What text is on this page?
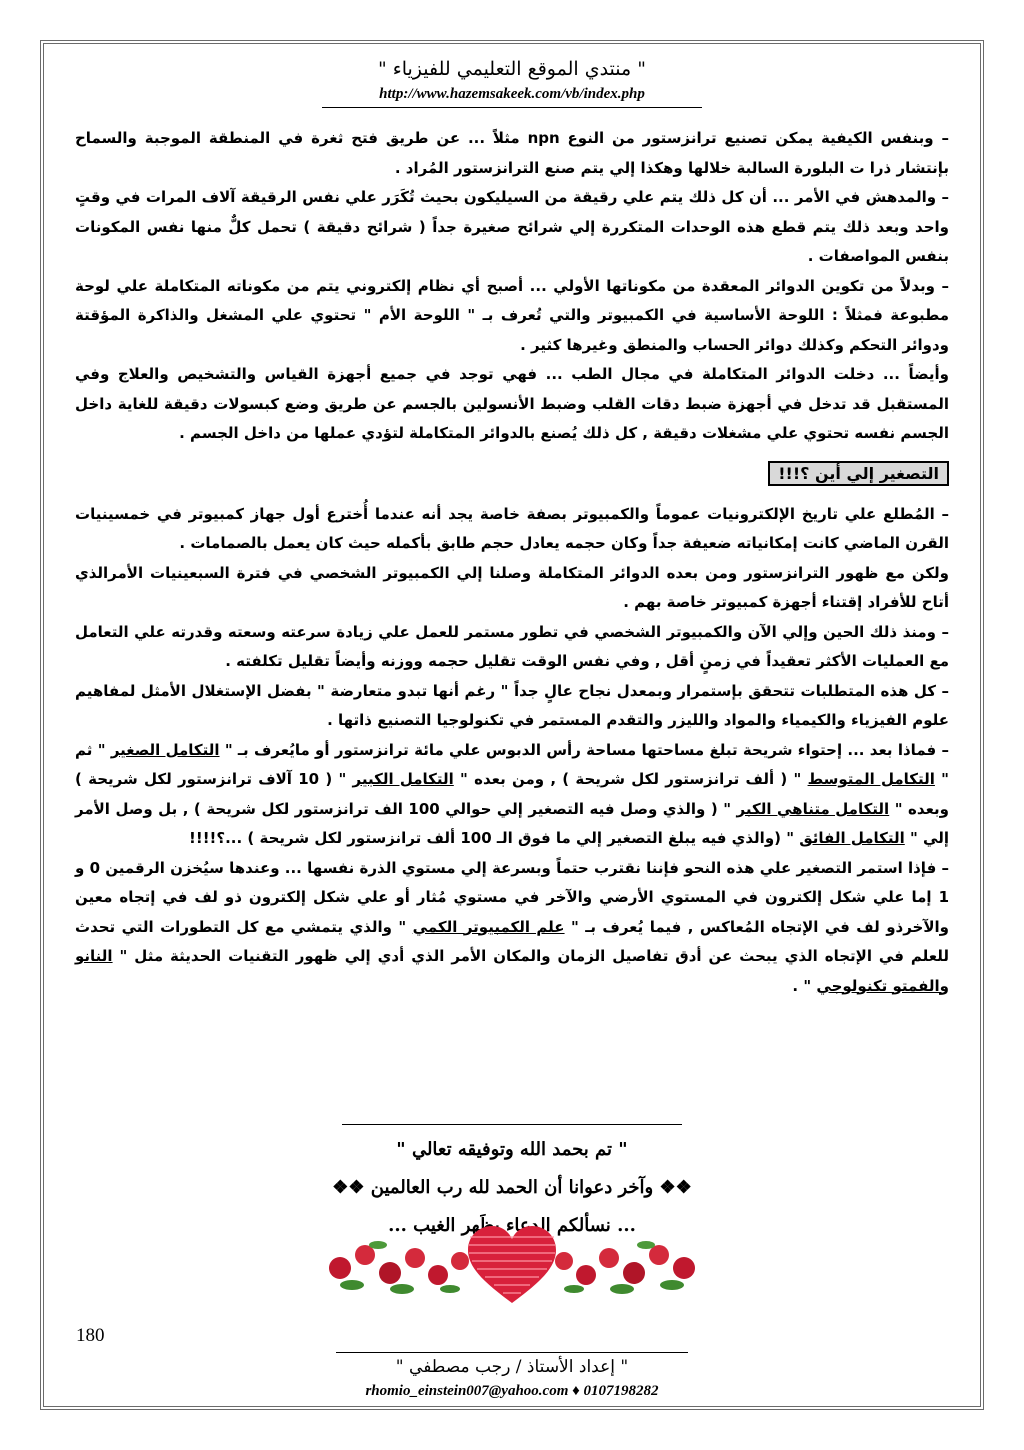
" منتدي الموقع التعليمي للفيزياء "
http://www.hazemsakeek.com/vb/index.php

– وبنفس الكيفية يمكن تصنيع ترانزستور من النوع npn مثلاً ... عن طريق فتح ثغرة في المنطقة الموجبة والسماح بإنتشار ذرا ت البلورة السالبة خلالها وهكذا إلي يتم صنع الترانزستور المُراد .

– والمدهش في الأمر ... أن كل ذلك يتم علي رقيقة من السيليكون بحيث تُكَرَر علي نفس الرقيقة آلاف المرات في وقتٍ واحد وبعد ذلك يتم قطع هذه الوحدات المتكررة إلي شرائح صغيرة جداً ( شرائح دقيقة ) تحمل كلٌّ منها نفس المكونات بنفس المواصفات .

– وبدلاً من تكوين الدوائر المعقدة من مكوناتها الأولي ... أصبح أي نظام إلكتروني يتم من مكوناته المتكاملة علي لوحة مطبوعة فمثلاً : اللوحة الأساسية في الكمبيوتر والتي تُعرف بـ " اللوحة الأم " تحتوي علي المشغل والذاكرة المؤقتة ودوائر التحكم وكذلك دوائر الحساب والمنطق وغيرها كثير .

وأيضاً ... دخلت الدوائر المتكاملة في مجال الطب ... فهي توجد في جميع أجهزة القياس والتشخيص والعلاج وفي المستقبل قد تدخل في أجهزة ضبط دقات القلب وضبط الأنسولين بالجسم عن طريق وضع كبسولات دقيقة للغاية داخل الجسم نفسه تحتوي علي مشغلات دقيقة , كل ذلك يُصنع بالدوائر المتكاملة لتؤدي عملها من داخل الجسم .

التصغير إلي أين ؟!!!

– المُطلع علي تاريخ الإلكترونيات عموماً والكمبيوتر بصفة خاصة يجد أنه عندما أُخترع أول جهاز كمبيوتر في خمسينيات القرن الماضي كانت إمكانياته ضعيفة جداً وكان حجمه يعادل حجم طابق بأكمله حيث كان يعمل بالصمامات .

ولكن مع ظهور الترانزستور ومن بعده الدوائر المتكاملة وصلنا إلي الكمبيوتر الشخصي في فترة السبعينيات الأمرالذي أتاح للأفراد إقتناء أجهزة كمبيوتر خاصة بهم .

– ومنذ ذلك الحين وإلي الآن والكمبيوتر الشخصي في تطور مستمر للعمل علي زيادة سرعته وسعته وقدرته علي التعامل مع العمليات الأكثر تعقيداً في زمنٍ أقل , وفي نفس الوقت تقليل حجمه ووزنه وأيضاً تقليل تكلفته .

– كل هذه المتطلبات تتحقق بإستمرار وبمعدل نجاح عالٍ جداً " رغم أنها تبدو متعارضة " بفضل الإستغلال الأمثل لمفاهيم علوم الفيزياء والكيمياء والمواد والليزر والتقدم المستمر في تكنولوجيا التصنيع ذاتها .

– فماذا بعد ... إحتواء شريحة تبلغ مساحتها مساحة رأس الدبوس علي مائة ترانزستور أو مايُعرف بـ " التكامل الصغير " ثم " التكامل المتوسط " ( ألف ترانزستور لكل شريحة ) , ومن بعده " التكامل الكبير " ( 10 آلاف ترانزستور لكل شريحة ) وبعده " التكامل متناهي الكبر " ( والذي وصل فيه التصغير إلي حوالي 100 الف ترانزستور لكل شريحة ) , بل وصل الأمر إلي " التكامل الفائق " (والذي فيه يبلغ التصغير إلي ما فوق الـ 100 ألف ترانزستور لكل شريحة ) ...؟!!!!

– فإذا استمر التصغير علي هذه النحو فإننا نقترب حتماً وبسرعة إلي مستوي الذرة نفسها ... وعندها سيُخزن الرقمين 0 و 1 إما علي شكل إلكترون في المستوي الأرضي والآخر في مستوي مُثار أو علي شكل إلكترون ذو لف في إتجاه معين والآخرذو لف في الإتجاه المُعاكس , فيما يُعرف بـ " علم الكمبيوتر الكمي " والذي يتمشي مع كل التطورات التي تحدث للعلم في الإتجاه الذي يبحث عن أدق تفاصيل الزمان والمكان الأمر الذي أدي إلي ظهور التقنيات الحديثة مثل " النانو والفمتو تكنولوجي " .

" تم بحمد الله وتوفيقه تعالي "
❖❖ وآخر دعوانا أن الحمد لله رب العالمين ❖❖
... نسألكم الدعاء بظَهر الغيب ...
180
" إعداد الأستاذ / رجب مصطفي "
rhomio_einstein007@yahoo.com ♦ 0107198282
